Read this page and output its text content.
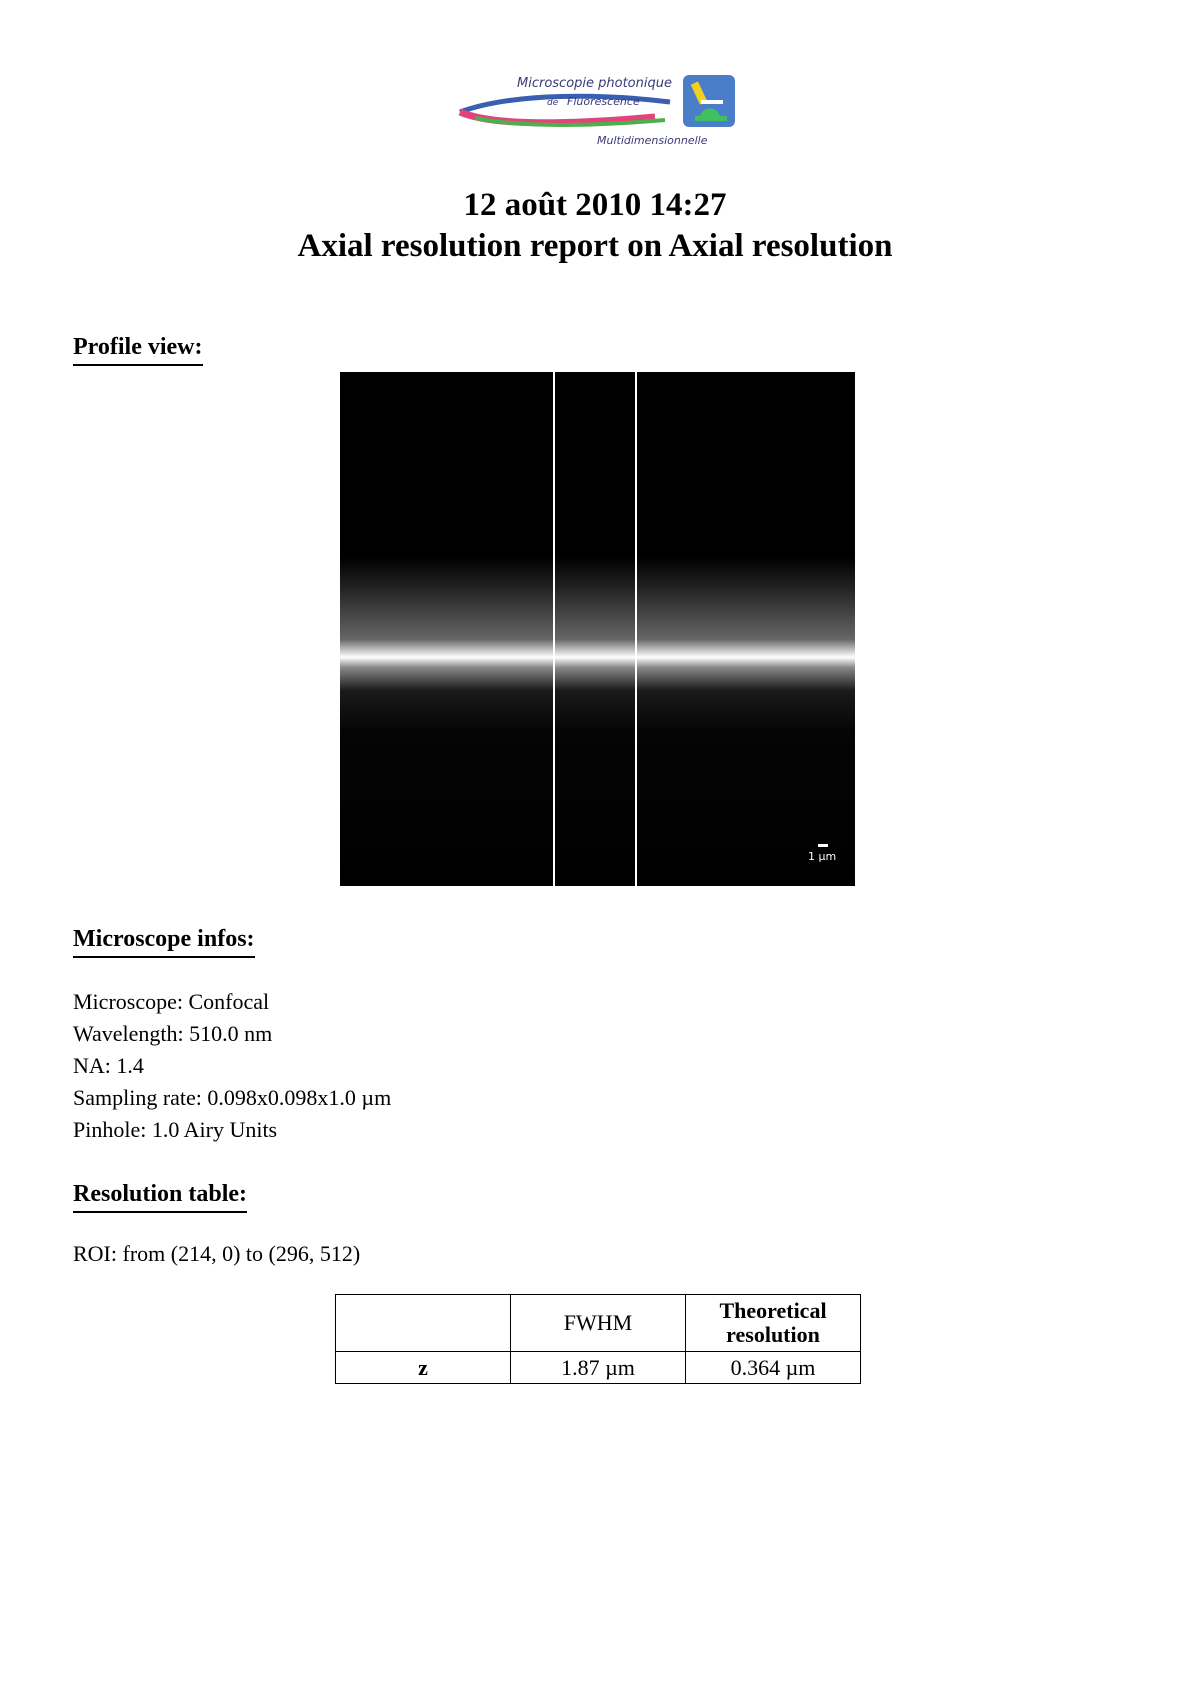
Microscopie photonique
de Fluorescence
Multidimensionnelle
12 août 2010 14:27
Axial resolution report on Axial resolution
Profile view:
1 µm
Microscope infos:
Microscope: Confocal
Wavelength: 510.0 nm
NA: 1.4
Sampling rate: 0.098x0.098x1.0 µm
Pinhole: 1.0 Airy Units
Resolution table:
ROI: from (214, 0) to (296, 512)
	FWHM	Theoretical resolution
z	1.87 µm	0.364 µm
